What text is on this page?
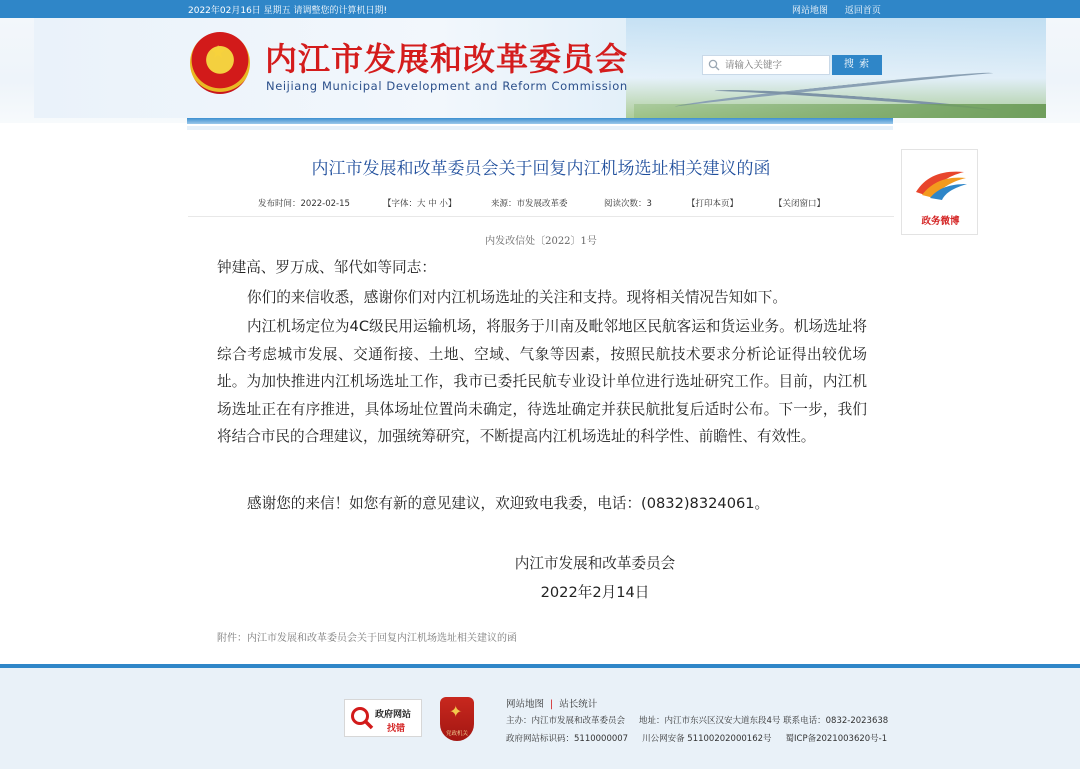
2022年02月16日 星期五 请调整您的计算机日期!	网站地图 返回首页
★ 内江市发展和改革委员会
Neijiang Municipal Development and Reform Commission
请输入关键字
搜 索
内江市发展和改革委员会关于回复内江机场选址相关建议的函
发布时间：2022-02-15	【字体：大 中 小】	来源：市发展改革委	阅读次数：3	【打印本页】	【关闭窗口】
内发改信处〔2022〕1号
钟建高、罗万成、邹代如等同志：
你们的来信收悉，感谢你们对内江机场选址的关注和支持。现将相关情况告知如下。
内江机场定位为4C级民用运输机场，将服务于川南及毗邻地区民航客运和货运业务。机场选址将综合考虑城市发展、交通衔接、土地、空域、气象等因素，按照民航技术要求分析论证得出较优场址。为加快推进内江机场选址工作，我市已委托民航专业设计单位进行选址研究工作。目前，内江机场选址正在有序推进，具体场址位置尚未确定，待选址确定并获民航批复后适时公布。下一步，我们将结合市民的合理建议，加强统筹研究，不断提高内江机场选址的科学性、前瞻性、有效性。
感谢您的来信！如您有新的意见建议，欢迎致电我委，电话：(0832)8324061。
内江市发展和改革委员会
2022年2月14日
附件：内江市发展和改革委员会关于回复内江机场选址相关建议的函
政务微博
政府网站
找错
✦
党政机关
网站地图 | 站长统计
主办：内江市发展和改革委员会 地址：内江市东兴区汉安大道东段4号 联系电话：0832-2023638
政府网站标识码：5110000007 川公网安备 51100202000162号 蜀ICP备2021003620号-1
